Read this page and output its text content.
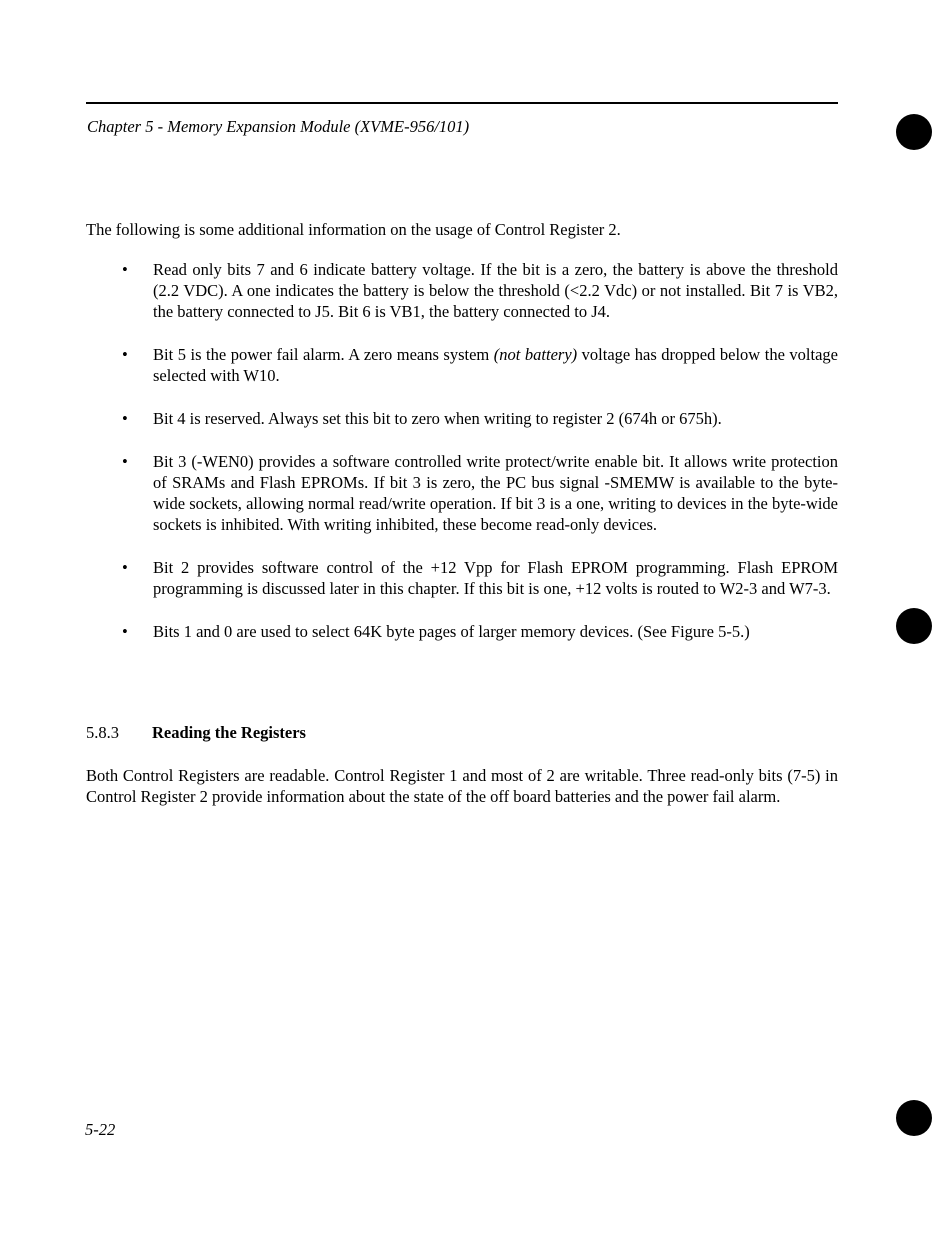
Chapter 5 - Memory Expansion Module (XVME-956/101)

The following is some additional information on the usage of Control Register 2.

• Read only bits 7 and 6 indicate battery voltage. If the bit is a zero, the battery is above the threshold (2.2 VDC). A one indicates the battery is below the threshold (<2.2 Vdc) or not installed. Bit 7 is VB2, the battery connected to J5. Bit 6 is VB1, the battery connected to J4.
• Bit 5 is the power fail alarm. A zero means system (not battery) voltage has dropped below the voltage selected with W10.
• Bit 4 is reserved. Always set this bit to zero when writing to register 2 (674h or 675h).
• Bit 3 (-WEN0) provides a software controlled write protect/write enable bit. It allows write protection of SRAMs and Flash EPROMs. If bit 3 is zero, the PC bus signal -SMEMW is available to the byte-wide sockets, allowing normal read/write operation. If bit 3 is a one, writing to devices in the byte-wide sockets is inhibited. With writing inhibited, these become read-only devices.
• Bit 2 provides software control of the +12 Vpp for Flash EPROM programming. Flash EPROM programming is discussed later in this chapter. If this bit is one, +12 volts is routed to W2-3 and W7-3.
• Bits 1 and 0 are used to select 64K byte pages of larger memory devices. (See Figure 5-5.)
5.8.3 Reading the Registers

Both Control Registers are readable. Control Register 1 and most of 2 are writable. Three read-only bits (7-5) in Control Register 2 provide information about the state of the off board batteries and the power fail alarm.

5-22
